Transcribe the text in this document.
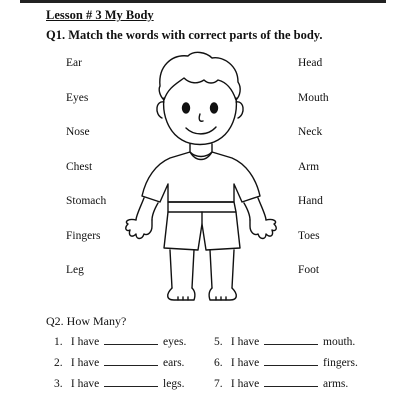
Lesson # 3 My Body
Q1. Match the words with correct parts of the body.
Ear
Eyes
Nose
Chest
Stomach
Fingers
Leg
Head
Mouth
Neck
Arm
Hand
Toes
Foot
Q2. How Many?
1. I have	eyes. 5. I have	mouth.
2. I have	ears.	6. I have	fingers.
3. I have	legs.	7. I have	arms.
